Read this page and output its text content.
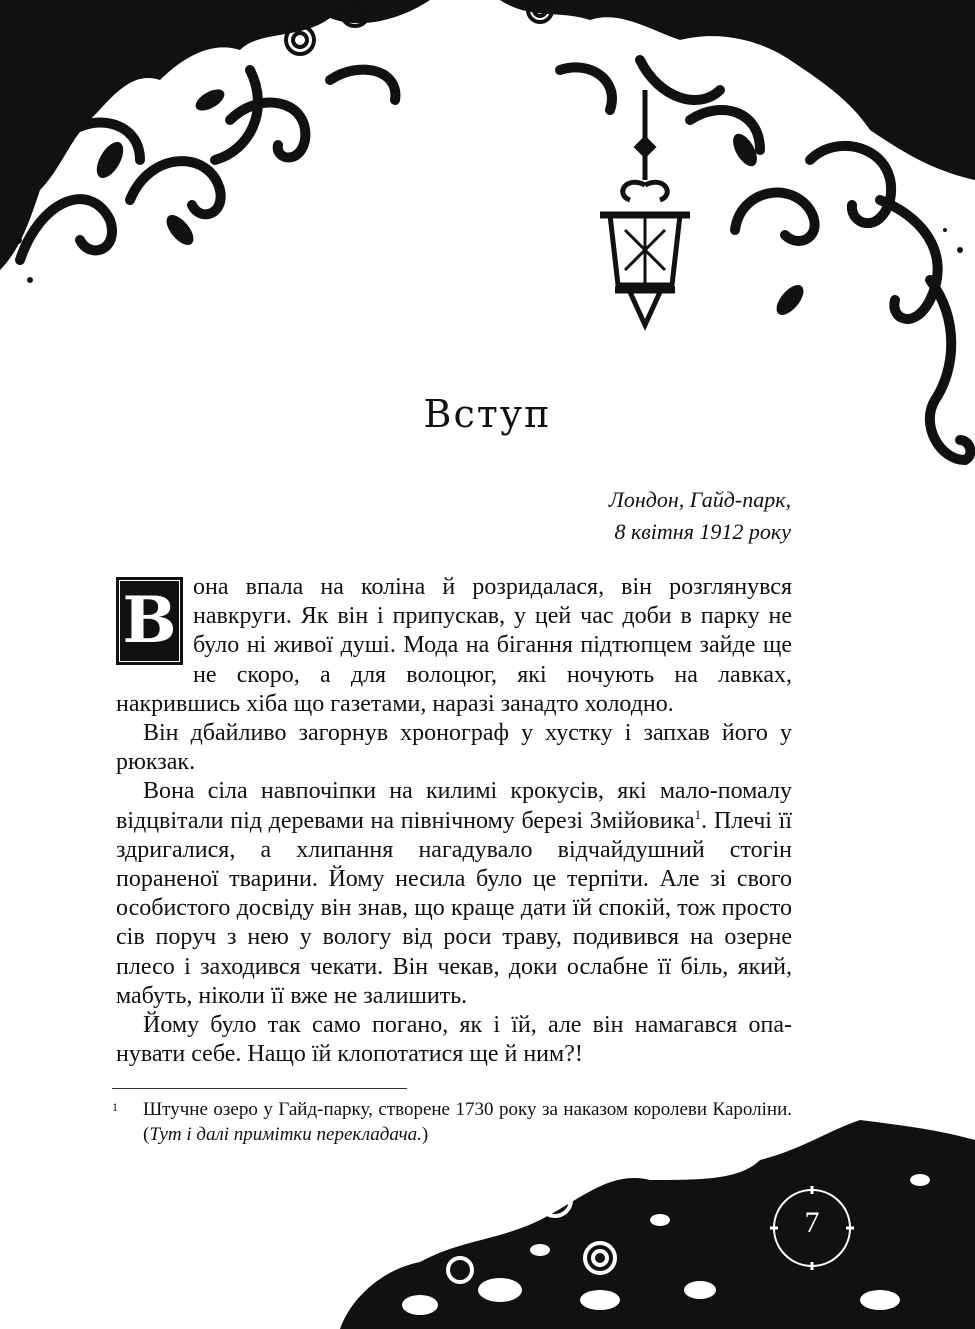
Вступ
Лондон, Гайд-парк,
8 квітня 1912 року

В она впала на коліна й розридалася, він розглянувся навкруги. Як він і припускав, у цей час доби в парку не було ні живої душі. Мода на бігання підтюпцем зайде ще не скоро, а для волоцюг, які ночують на лавках, накрившись хіба що газетами, наразі занадто холодно.

Він дбайливо загорнув хронограф у хустку і запхав його у рюкзак.

Вона сіла навпочіпки на килимі крокусів, які мало-помалу відцвітали під деревами на північному березі Змійовика$^1$. Плечі її здригалися, а хлипання нагадувало відчайдушний стогін пораненої тварини. Йому несила було це терпіти. Але зі свого особистого досвіду він знав, що краще дати їй спокій, тож просто сів поруч з нею у вологу від роси траву, подивився на озерне плесо і заходився чекати. Він чекав, доки ослабне її біль, який, мабуть, ніколи її вже не залишить.

Йому було так само погано, як і їй, але він намагався опанувати себе. Нащо їй клопотатися ще й ним?!

1	Штучне озеро у Гайд-парку, створене 1730 року за наказом королеви Кароліни. (Тут і далі примітки перекладача.)
7
